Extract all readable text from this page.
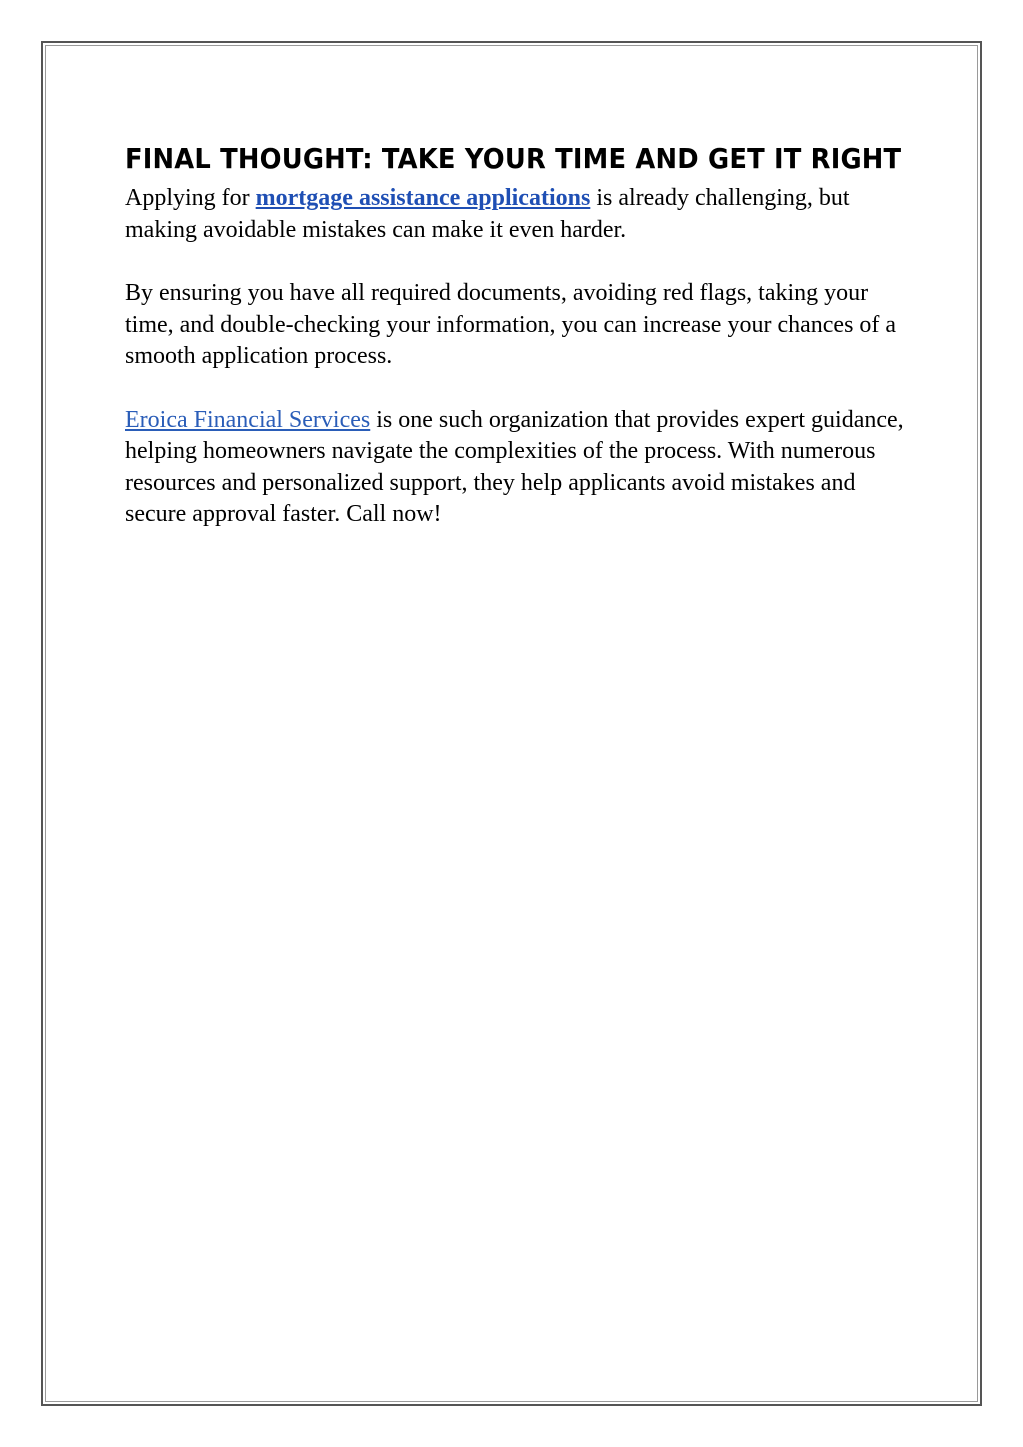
FINAL THOUGHT: TAKE YOUR TIME AND GET IT RIGHT

Applying for mortgage assistance applications is already challenging, but making avoidable mistakes can make it even harder.

By ensuring you have all required documents, avoiding red flags, taking your time, and double-checking your information, you can increase your chances of a smooth application process.

Eroica Financial Services is one such organization that provides expert guidance, helping homeowners navigate the complexities of the process. With numerous resources and personalized support, they help applicants avoid mistakes and secure approval faster. Call now!
